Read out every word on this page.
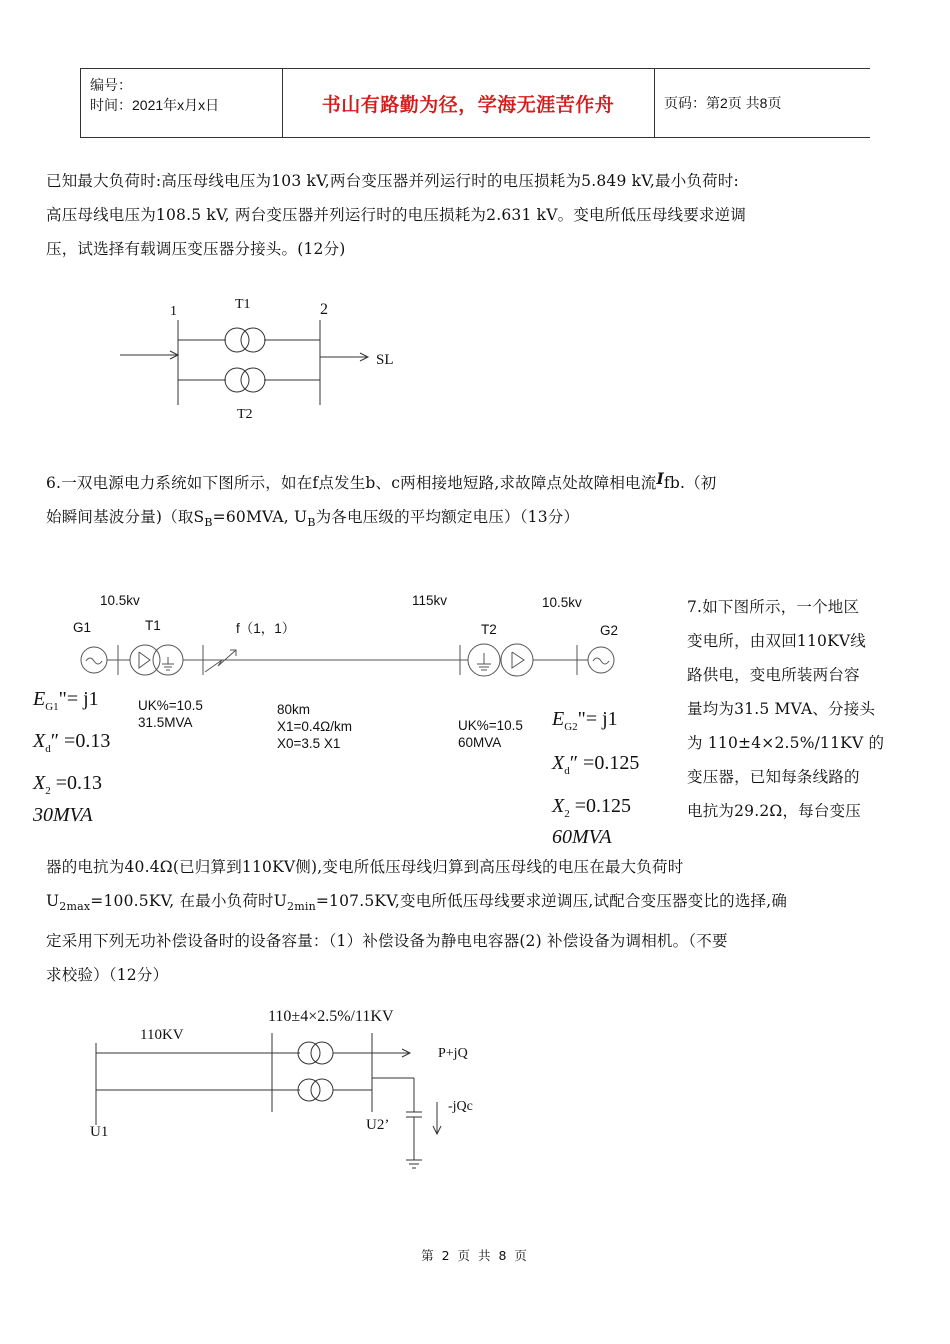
编号：
时间：2021年x月x日	书山有路勤为径，学海无涯苦作舟	页码：第2页 共8页
已知最大负荷时:高压母线电压为103 kV,两台变压器并列运行时的电压损耗为5.849 kV,最小负荷时:
高压母线电压为108.5 kV, 两台变压器并列运行时的电压损耗为2.631 kV。变电所低压母线要求逆调
压，试选择有载调压变压器分接头。(12分)
1	T1	2
SL
T2
6.一双电源电力系统如下图所示，如在f点发生b、c两相接地短路,求故障点处故障相电流Ifb.（初
始瞬间基波分量)（取$S_B=60MVA$, $U_B$为各电压级的平均额定电压）（13分）
10.5kv	115kv	10.5kv
G1	T1	f（1，1）	T2	G2
UK%=10.5
31.5MVA
80km
X1=0.4Ω/km
X0=3.5 X1
UK%=10.5
60MVA
$E_{G1}"= j1$
$X_d'' =0.13$
$X_2 =0.13$
30MVA
$E_{G2}"= j1$
$X_d'' =0.125$
$X_2 =0.125$
60MVA
7.如下图所示，一个地区
变电所，由双回110KV线
路供电，变电所装两台容
量均为31.5 MVA、分接头
为 110±4×2.5%/11KV 的
变压器，已知每条线路的
电抗为29.2Ω，每台变压
器的电抗为40.4Ω(已归算到110KV侧),变电所低压母线归算到高压母线的电压在最大负荷时
$U_{2max}=100.5KV$, 在最小负荷时$U_{2min}=107.5KV$,变电所低压母线要求逆调压,试配合变压器变比的选择,确
定采用下列无功补偿设备时的设备容量：（1）补偿设备为静电电容器(2) 补偿设备为调相机。（不要
求校验）（12分）
110KV
110±4×2.5%/11KV
P+jQ
-jQc
U1	U2’
第 2 页 共 8 页
